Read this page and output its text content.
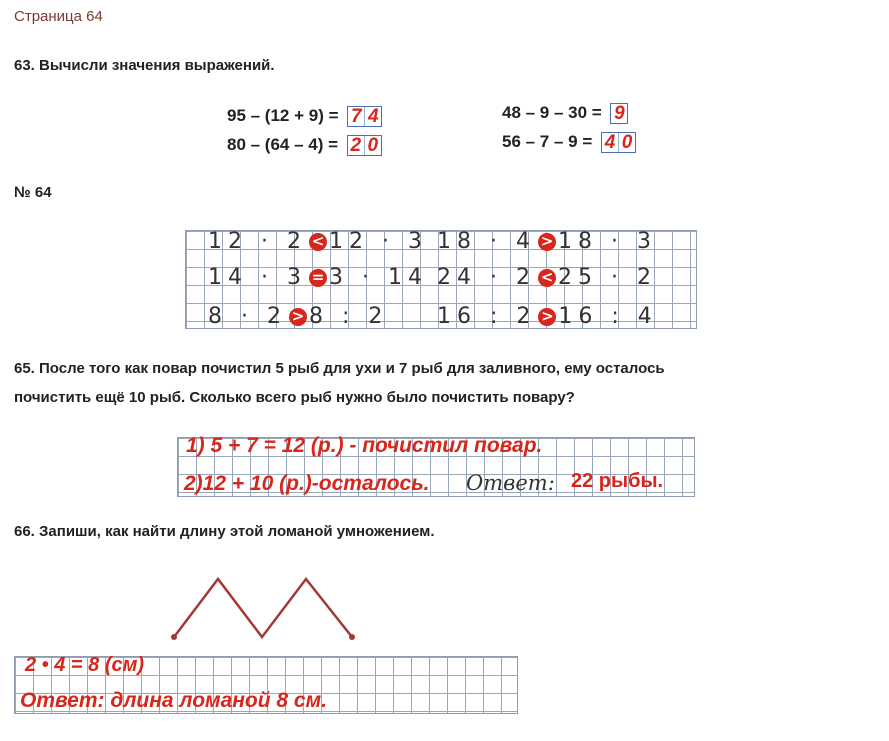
Страница 64
63. Вычисли значения выражений.
95 – (12 + 9) = 7 4
80 – (64 – 4) = 2 0
48 – 9 – 30 = 9
56 – 7 – 9 = 4 0
№ 64
12 · 2 < 12 · 3 18 · 4 > 18 · 3
14 · 3 = 3 · 14 24 · 2 < 25 · 2
8 · 2 > 8 : 2 16 : 2 > 16 : 4
65. После того как повар почистил 5 рыб для ухи и 7 рыб для заливного, ему осталось
почистить ещё 10 рыб. Сколько всего рыб нужно было почистить повару?
1) 5 + 7 = 12 (р.) - почистил повар.
2)12 + 10 (р.)-осталось. Ответ: 22 рыбы.
66. Запиши, как найти длину этой ломаной умножением.
2 • 4 = 8 (см)
Ответ: длина ломаной 8 см.
